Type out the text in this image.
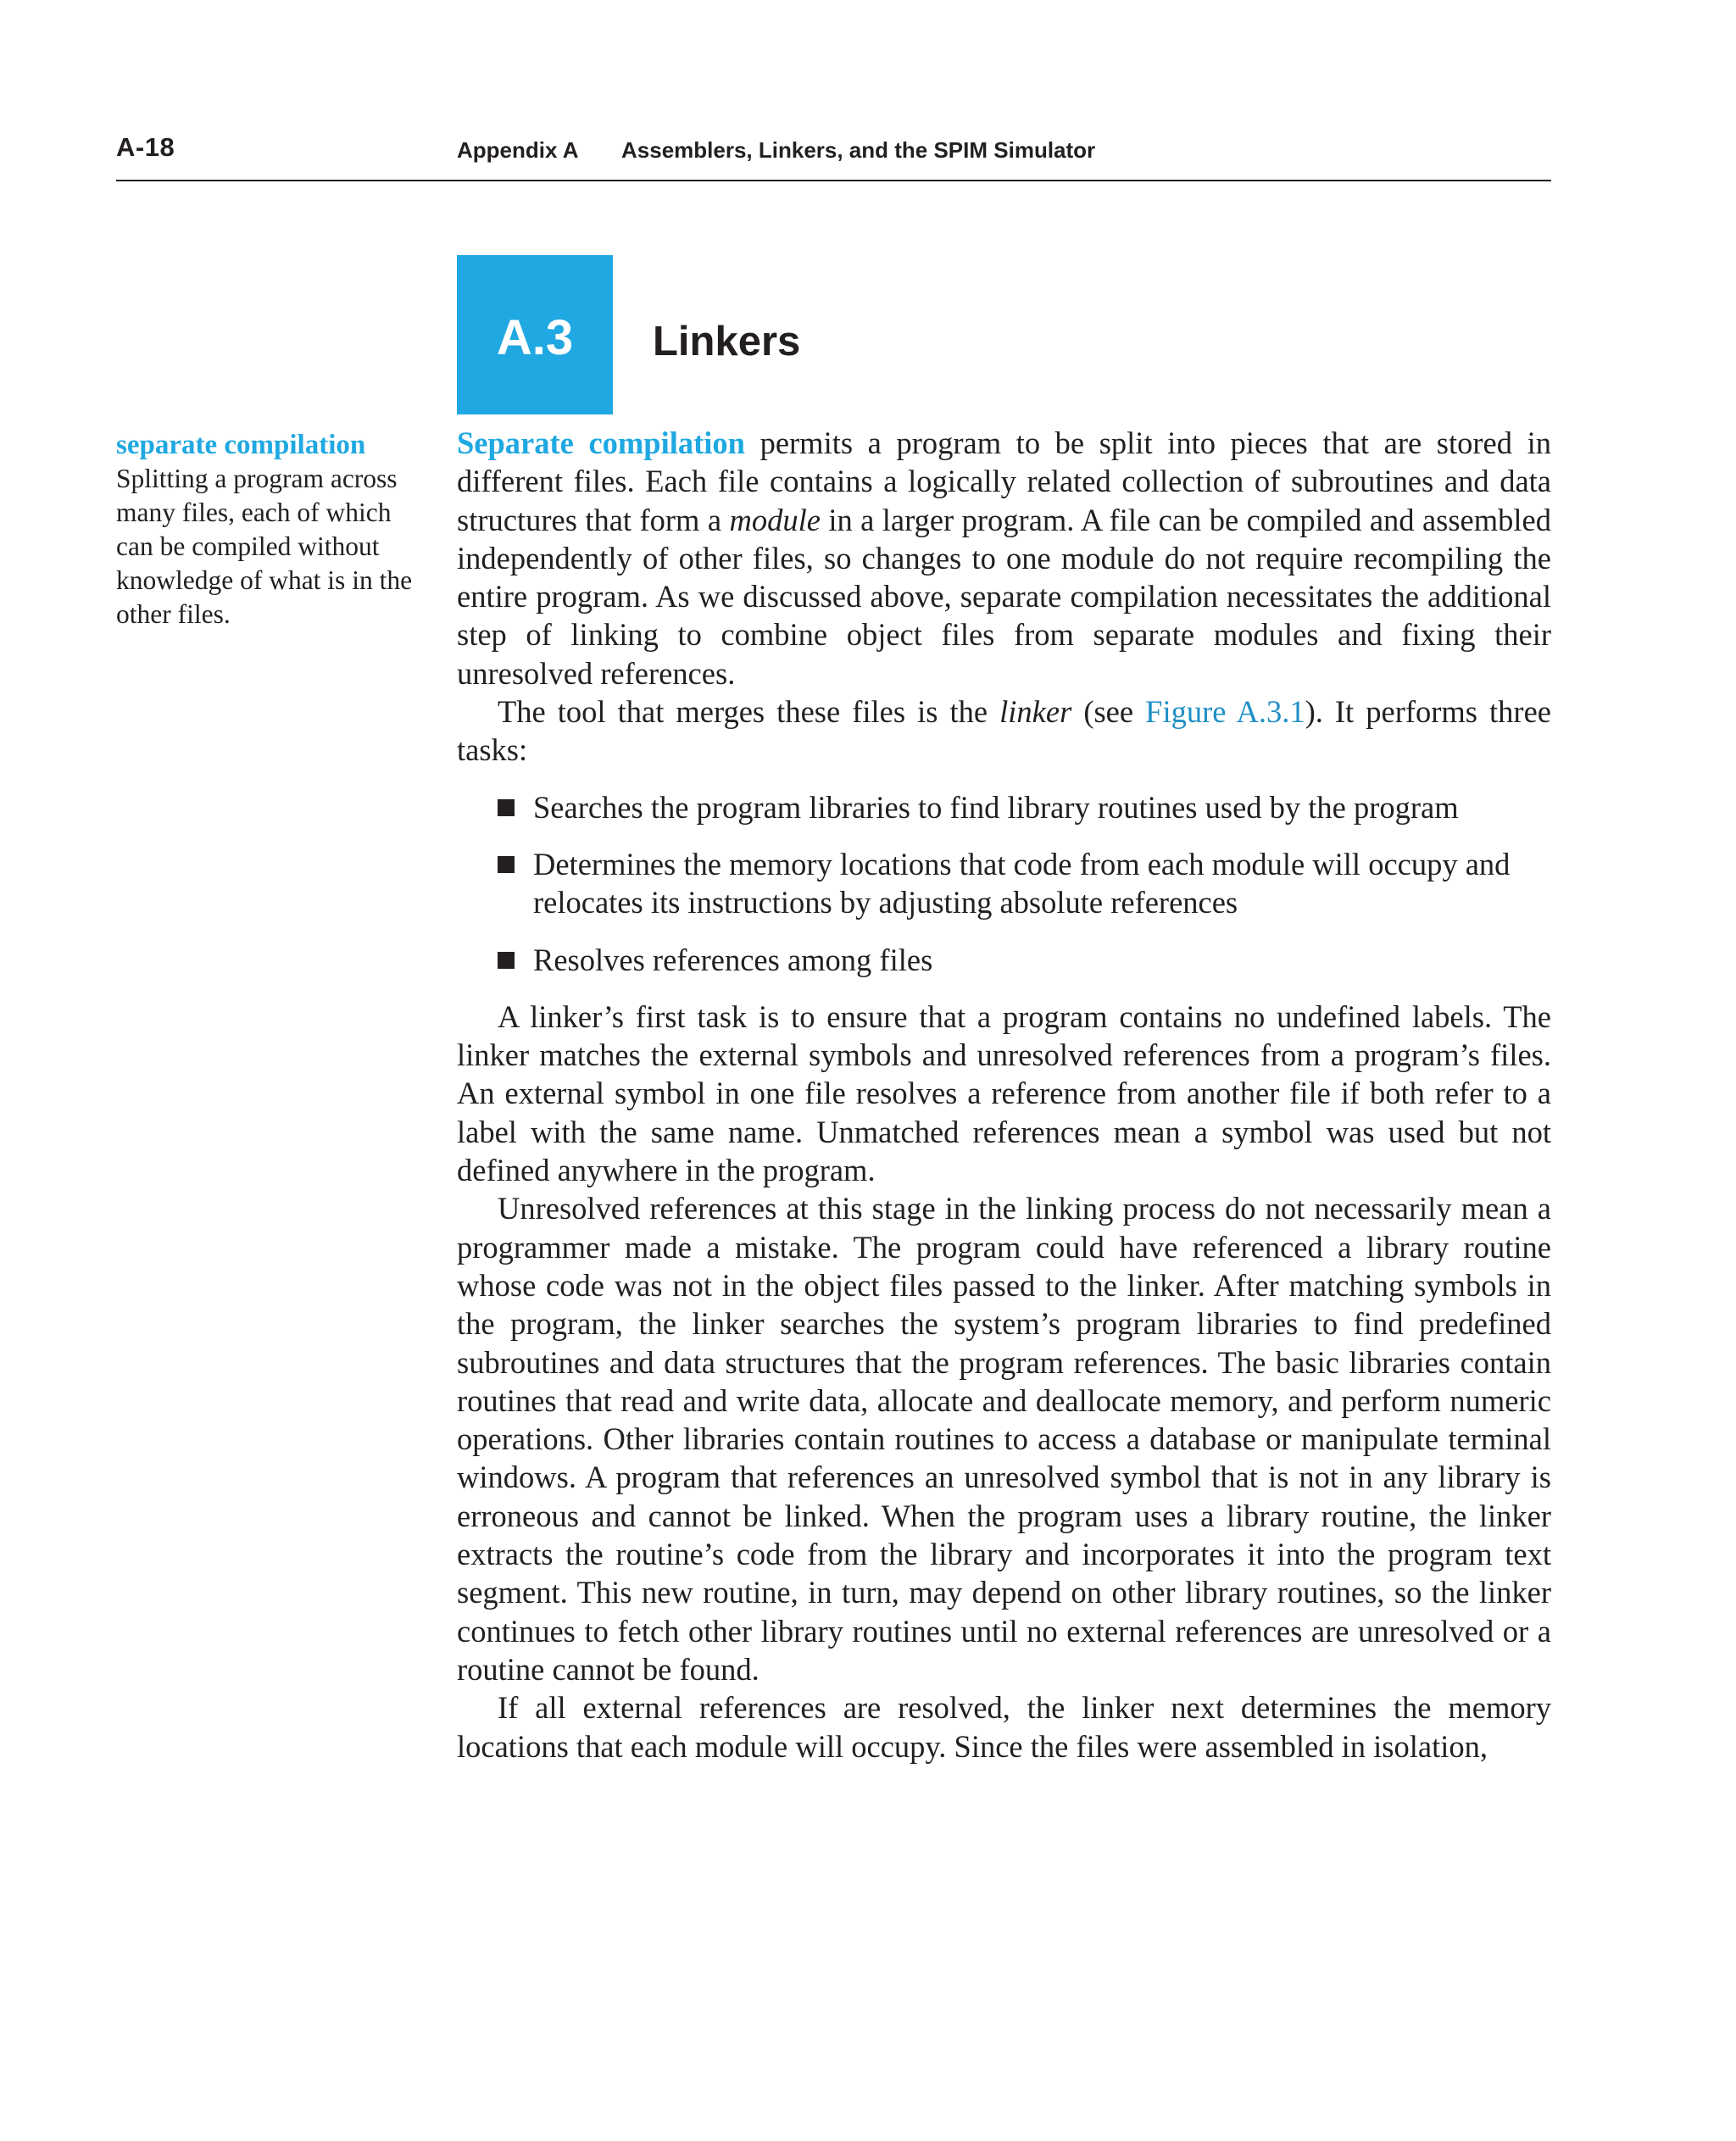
A-18	Appendix A Assemblers, Linkers, and the SPIM Simulator
A.3	Linkers
separate compilation
Splitting a program across many files, each of which can be compiled without knowledge of what is in the other files.

Separate compilation permits a program to be split into pieces that are stored in different files. Each file contains a logically related collection of subroutines and data structures that form a module in a larger program. A file can be compiled and assembled independently of other files, so changes to one module do not require recompiling the entire program. As we discussed above, separate compilation necessitates the additional step of linking to combine object files from separate modules and fixing their unresolved references.

The tool that merges these files is the linker (see Figure A.3.1). It performs three tasks:

Searches the program libraries to find library routines used by the program
Determines the memory locations that code from each module will occupy and relocates its instructions by adjusting absolute references
Resolves references among files

A linker’s first task is to ensure that a program contains no undefined labels. The linker matches the external symbols and unresolved references from a program’s files. An external symbol in one file resolves a reference from another file if both refer to a label with the same name. Unmatched references mean a symbol was used but not defined anywhere in the program.

Unresolved references at this stage in the linking process do not necessarily mean a programmer made a mistake. The program could have referenced a library routine whose code was not in the object files passed to the linker. After matching symbols in the program, the linker searches the system’s program libraries to find predefined subroutines and data structures that the program references. The basic libraries contain routines that read and write data, allocate and deallocate memory, and perform numeric operations. Other libraries contain routines to access a database or manipulate terminal windows. A program that references an unresolved symbol that is not in any library is erroneous and cannot be linked. When the program uses a library routine, the linker extracts the routine’s code from the library and incorporates it into the program text segment. This new routine, in turn, may depend on other library routines, so the linker continues to fetch other library routines until no external references are unresolved or a routine cannot be found.

If all external references are resolved, the linker next determines the memory locations that each module will occupy. Since the files were assembled in isolation,
